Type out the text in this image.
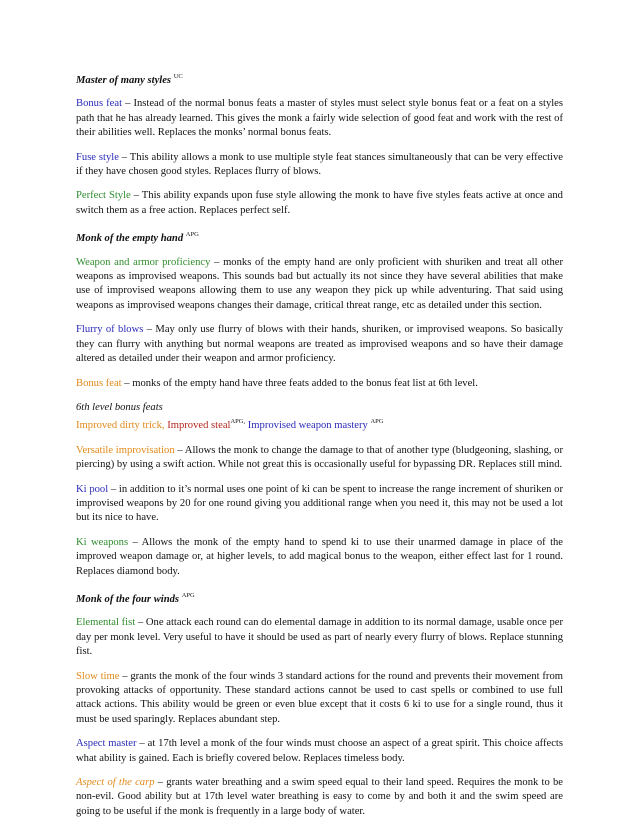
Master of many styles $^{UC}$
Bonus feat – Instead of the normal bonus feats a master of styles must select style bonus feat or a feat on a styles path that he has already learned. This gives the monk a fairly wide selection of good feat and work with the rest of their abilities well. Replaces the monks’ normal bonus feats.
Fuse style – This ability allows a monk to use multiple style feat stances simultaneously that can be very effective if they have chosen good styles. Replaces flurry of blows.
Perfect Style – This ability expands upon fuse style allowing the monk to have five styles feats active at once and switch them as a free action. Replaces perfect self.
Monk of the empty hand $^{APG}$
Weapon and armor proficiency – monks of the empty hand are only proficient with shuriken and treat all other weapons as improvised weapons. This sounds bad but actually its not since they have several abilities that make use of improvised weapons allowing them to use any weapon they pick up while adventuring. That said using weapons as improvised weapons changes their damage, critical threat range, etc as detailed under this section.
Flurry of blows – May only use flurry of blows with their hands, shuriken, or improvised weapons. So basically they can flurry with anything but normal weapons are treated as improvised weapons and so have their damage altered as detailed under their weapon and armor proficiency.
Bonus feat – monks of the empty hand have three feats added to the bonus feat list at 6th level.
6th level bonus feats
Improved dirty trick, Improved steal$^{APG,}$ Improvised weapon mastery $^{APG}$
Versatile improvisation – Allows the monk to change the damage to that of another type (bludgeoning, slashing, or piercing) by using a swift action. While not great this is occasionally useful for bypassing DR. Replaces still mind.
Ki pool – in addition to it’s normal uses one point of ki can be spent to increase the range increment of shuriken or improvised weapons by 20 for one round giving you additional range when you need it, this may not be used a lot but its nice to have.
Ki weapons – Allows the monk of the empty hand to spend ki to use their unarmed damage in place of the improved weapon damage or, at higher levels, to add magical bonus to the weapon, either effect last for 1 round. Replaces diamond body.
Monk of the four winds $^{APG}$
Elemental fist – One attack each round can do elemental damage in addition to its normal damage, usable once per day per monk level. Very useful to have it should be used as part of nearly every flurry of blows. Replace stunning fist.
Slow time – grants the monk of the four winds 3 standard actions for the round and prevents their movement from provoking attacks of opportunity. These standard actions cannot be used to cast spells or combined to use full attack actions. This ability would be green or even blue except that it costs 6 ki to use for a single round, thus it must be used sparingly. Replaces abundant step.
Aspect master – at 17th level a monk of the four winds must choose an aspect of a great spirit. This choice affects what ability is gained. Each is briefly covered below. Replaces timeless body.
Aspect of the carp – grants water breathing and a swim speed equal to their land speed. Requires the monk to be non-evil. Good ability but at 17th level water breathing is easy to come by and both it and the swim speed are going to be useful if the monk is frequently in a large body of water.
